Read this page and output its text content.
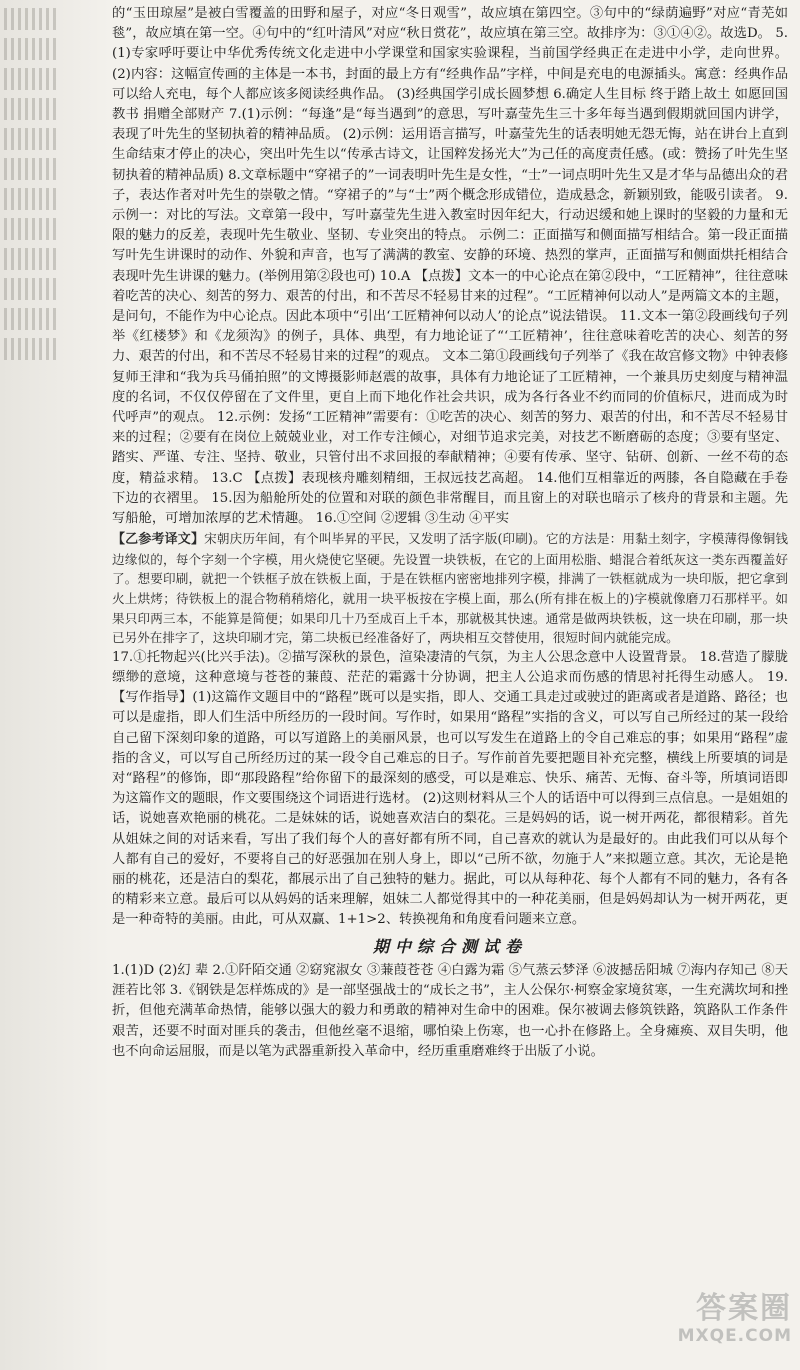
的“玉田琼屋”是被白雪覆盖的田野和屋子，对应“冬日观雪”，故应填在第四空。③句中的“绿荫遍野”对应“青芜如毯”，故应填在第一空。④句中的“红叶清风”对应“秋日赏花”，故应填在第三空。故排序为：③①④②。故选D。 5.(1)专家呼吁要让中华优秀传统文化走进中小学课堂和国家实验课程，当前国学经典正在走进中小学，走向世界。 (2)内容：这幅宣传画的主体是一本书，封面的最上方有“经典作品”字样，中间是充电的电源插头。寓意：经典作品可以给人充电，每个人都应该多阅读经典作品。 (3)经典国学引成长圆梦想 6.确定人生目标 终于踏上故土 如愿回国教书 捐赠全部财产 7.(1)示例：“每逢”是“每当遇到”的意思，写叶嘉莹先生三十多年每当遇到假期就回国内讲学，表现了叶先生的坚韧执着的精神品质。 (2)示例：运用语言描写，叶嘉莹先生的话表明她无怨无悔，站在讲台上直到生命结束才停止的决心，突出叶先生以“传承古诗文，让国粹发扬光大”为己任的高度责任感。(或：赞扬了叶先生坚韧执着的精神品质) 8.文章标题中“穿裙子的”一词表明叶先生是女性，“士”一词点明叶先生又是才华与品德出众的君子，表达作者对叶先生的崇敬之情。“穿裙子的”与“士”两个概念形成错位，造成悬念，新颖别致，能吸引读者。 9.示例一：对比的写法。文章第一段中，写叶嘉莹先生进入教室时因年纪大，行动迟缓和她上课时的坚毅的力量和无限的魅力的反差，表现叶先生敬业、坚韧、专业突出的特点。 示例二：正面描写和侧面描写相结合。第一段正面描写叶先生讲课时的动作、外貌和声音，也写了满满的教室、安静的环境、热烈的掌声，正面描写和侧面烘托相结合表现叶先生讲课的魅力。(举例用第②段也可) 10.A 【点拨】文本一的中心论点在第②段中，“工匠精神”，往往意味着吃苦的决心、刻苦的努力、艰苦的付出，和不苦尽不轻易甘来的过程”。“工匠精神何以动人”是两篇文本的主题，是问句，不能作为中心论点。因此本项中“引出‘工匠精神何以动人’的论点”说法错误。 11.文本一第②段画线句子列举《红楼梦》和《龙须沟》的例子，具体、典型，有力地论证了“‘工匠精神’，往往意味着吃苦的决心、刻苦的努力、艰苦的付出，和不苦尽不轻易甘来的过程”的观点。 文本二第①段画线句子列举了《我在故宫修文物》中钟表修复师王津和“我为兵马俑拍照”的文博摄影师赵震的故事，具体有力地论证了工匠精神，一个兼具历史刻度与精神温度的名词，不仅仅停留在了文件里，更自上而下地化作社会共识，成为各行各业不约而同的价值标尺，进而成为时代呼声”的观点。 12.示例：发扬“工匠精神”需要有：①吃苦的决心、刻苦的努力、艰苦的付出，和不苦尽不轻易甘来的过程；②要有在岗位上兢兢业业，对工作专注倾心，对细节追求完美，对技艺不断磨砺的态度；③要有坚定、踏实、严谨、专注、坚持、敬业，只管付出不求回报的奉献精神；④要有传承、坚守、钻研、创新、一丝不苟的态度，精益求精。 13.C 【点拨】表现核舟雕刻精细，王叔远技艺高超。 14.他们互相靠近的两膝，各自隐藏在手卷下边的衣褶里。 15.因为船舱所处的位置和对联的颜色非常醒目，而且窗上的对联也暗示了核舟的背景和主题。先写船舱，可增加浓厚的艺术情趣。 16.①空间 ②逻辑 ③生动 ④平实

【乙参考译文】宋朝庆历年间，有个叫毕昇的平民，又发明了活字版(印刷)。它的方法是：用黏土刻字，字模薄得像铜钱边缘似的，每个字刻一个字模，用火烧使它坚硬。先设置一块铁板，在它的上面用松脂、蜡混合着纸灰这一类东西覆盖好了。想要印刷，就把一个铁框子放在铁板上面，于是在铁框内密密地排列字模，排满了一铁框就成为一块印版，把它拿到火上烘烤；待铁板上的混合物稍稍熔化，就用一块平板按在字模上面，那么(所有排在板上的)字模就像磨刀石那样平。如果只印两三本，不能算是简便；如果印几十乃至成百上千本，那就极其快速。通常是做两块铁板，这一块在印刷，那一块已另外在排字了，这块印刷才完，第二块板已经准备好了，两块相互交替使用，很短时间内就能完成。

17.①托物起兴(比兴手法)。②描写深秋的景色，渲染凄清的气氛，为主人公思念意中人设置背景。 18.营造了朦胧缥缈的意境，这种意境与苍苍的蒹葭、茫茫的霜露十分协调，把主人公追求而伤感的情思衬托得生动感人。 19.【写作指导】(1)这篇作文题目中的“路程”既可以是实指，即人、交通工具走过或驶过的距离或者是道路、路径；也可以是虚指，即人们生活中所经历的一段时间。写作时，如果用“路程”实指的含义，可以写自己所经过的某一段给自己留下深刻印象的道路，可以写道路上的美丽风景，也可以写发生在道路上的令自己难忘的事；如果用“路程”虚指的含义，可以写自己所经历过的某一段令自己难忘的日子。写作前首先要把题目补充完整，横线上所要填的词是对“路程”的修饰，即“那段路程”给你留下的最深刻的感受，可以是难忘、快乐、痛苦、无悔、奋斗等，所填词语即为这篇作文的题眼，作文要围绕这个词语进行选材。 (2)这则材料从三个人的话语中可以得到三点信息。一是姐姐的话，说她喜欢艳丽的桃花。二是妹妹的话，说她喜欢洁白的梨花。三是妈妈的话，说一树开两花，都很精彩。首先从姐妹之间的对话来看，写出了我们每个人的喜好都有所不同，自己喜欢的就认为是最好的。由此我们可以从每个人都有自己的爱好，不要将自己的好恶强加在别人身上，即以“己所不欲，勿施于人”来拟题立意。其次，无论是艳丽的桃花，还是洁白的梨花，都展示出了自己独特的魅力。据此，可以从每种花、每个人都有不同的魅力，各有各的精彩来立意。最后可以从妈妈的话来理解，姐妹二人都觉得其中的一种花美丽，但是妈妈却认为一树开两花，更是一种奇特的美丽。由此，可从双赢、1+1>2、转换视角和角度看问题来立意。

期中综合测试卷

1.(1)D (2)幻 辈 2.①阡陌交通 ②窈窕淑女 ③蒹葭苍苍 ④白露为霜 ⑤气蒸云梦泽 ⑥波撼岳阳城 ⑦海内存知己 ⑧天涯若比邻 3.《钢铁是怎样炼成的》是一部坚强战士的“成长之书”，主人公保尔·柯察金家境贫寒，一生充满坎坷和挫折，但他充满革命热情，能够以强大的毅力和勇敢的精神对生命中的困难。保尔被调去修筑铁路，筑路队工作条件艰苦，还要不时面对匪兵的袭击，但他丝毫不退缩，哪怕染上伤寒，也一心扑在修路上。全身瘫痪、双目失明，他也不向命运屈服，而是以笔为武器重新投入革命中，经历重重磨难终于出版了小说。

答案圈
MXQE.COM
